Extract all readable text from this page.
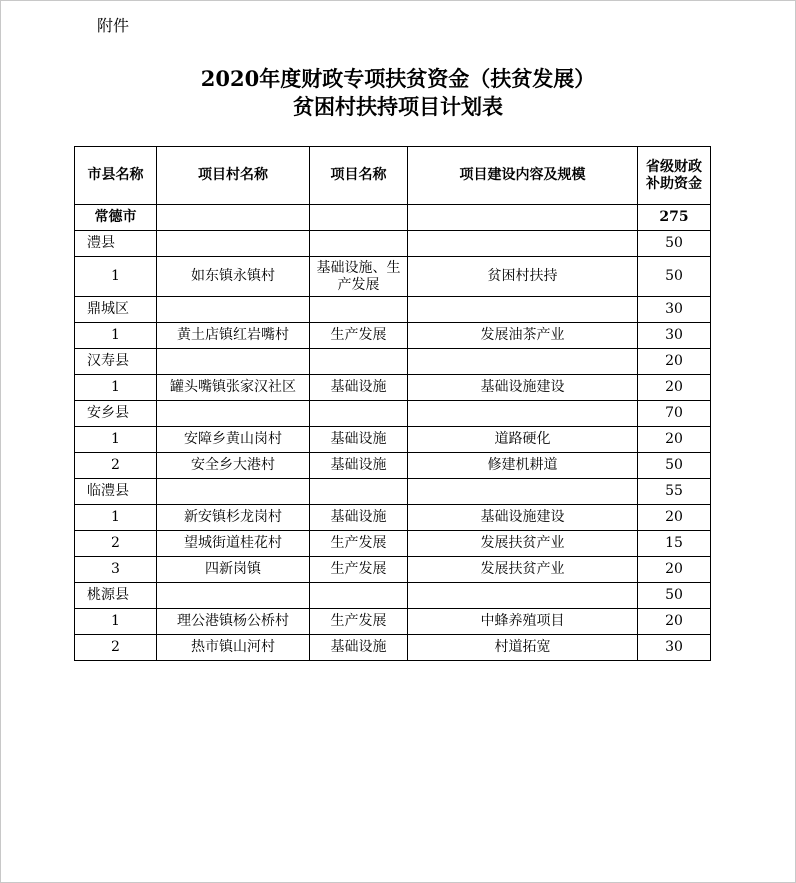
附件
2020年度财政专项扶贫资金（扶贫发展）
贫困村扶持项目计划表
市县名称	项目村名称	项目名称	项目建设内容及规模	省级财政
补助资金

常德市				275
澧县				50
1	如东镇永镇村	基础设施、生产发展	贫困村扶持	50
鼎城区				30
1	黄土店镇红岩嘴村	生产发展	发展油茶产业	30
汉寿县				20
1	罐头嘴镇张家汉社区	基础设施	基础设施建设	20
安乡县				70
1	安障乡黄山岗村	基础设施	道路硬化	20
2	安全乡大港村	基础设施	修建机耕道	50
临澧县				55
1	新安镇杉龙岗村	基础设施	基础设施建设	20
2	望城街道桂花村	生产发展	发展扶贫产业	15
3	四新岗镇	生产发展	发展扶贫产业	20
桃源县				50
1	理公港镇杨公桥村	生产发展	中蜂养殖项目	20
2	热市镇山河村	基础设施	村道拓宽	30
